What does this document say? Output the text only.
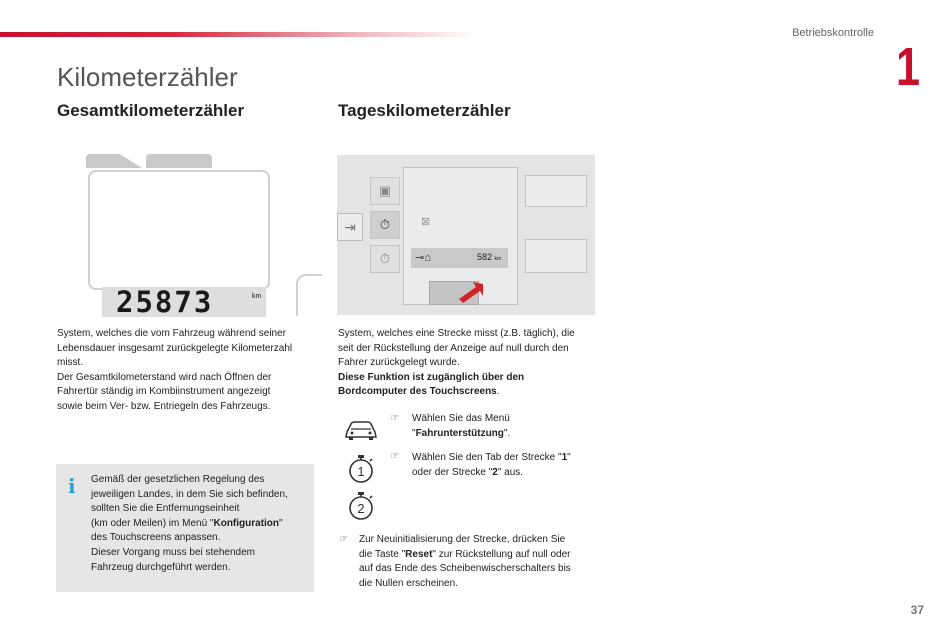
Betriebskontrolle
1
Kilometerzähler
Gesamtkilometerzähler	Tageskilometerzähler
25873	km
⇥
▣
⏱
⏱
⊠
⊸⌂	582 km
System, welches die vom Fahrzeug während seiner
Lebensdauer insgesamt zurückgelegte Kilometerzahl
misst.
Der Gesamtkilometerstand wird nach Öffnen der
Fahrertür ständig im Kombiinstrument angezeigt
sowie beim Ver- bzw. Entriegeln des Fahrzeugs.
i Gemäß der gesetzlichen Regelung des
jeweiligen Landes, in dem Sie sich befinden,
sollten Sie die Entfernungseinheit
(km oder Meilen) im Menü "Konfiguration"
des Touchscreens anpassen.
Dieser Vorgang muss bei stehendem
Fahrzeug durchgeführt werden.
System, welches eine Strecke misst (z.B. täglich), die
seit der Rückstellung der Anzeige auf null durch den
Fahrer zurückgelegt wurde.
Diese Funktion ist zugänglich über den
Bordcomputer des Touchscreens.
☞ Wählen Sie das Menü
"Fahrunterstützung".
1
2
☞ Wählen Sie den Tab der Strecke "1"
oder der Strecke "2" aus.
☞ Zur Neuinitialisierung der Strecke, drücken Sie
die Taste "Reset" zur Rückstellung auf null oder
auf das Ende des Scheibenwischerschalters bis
die Nullen erscheinen.
37
